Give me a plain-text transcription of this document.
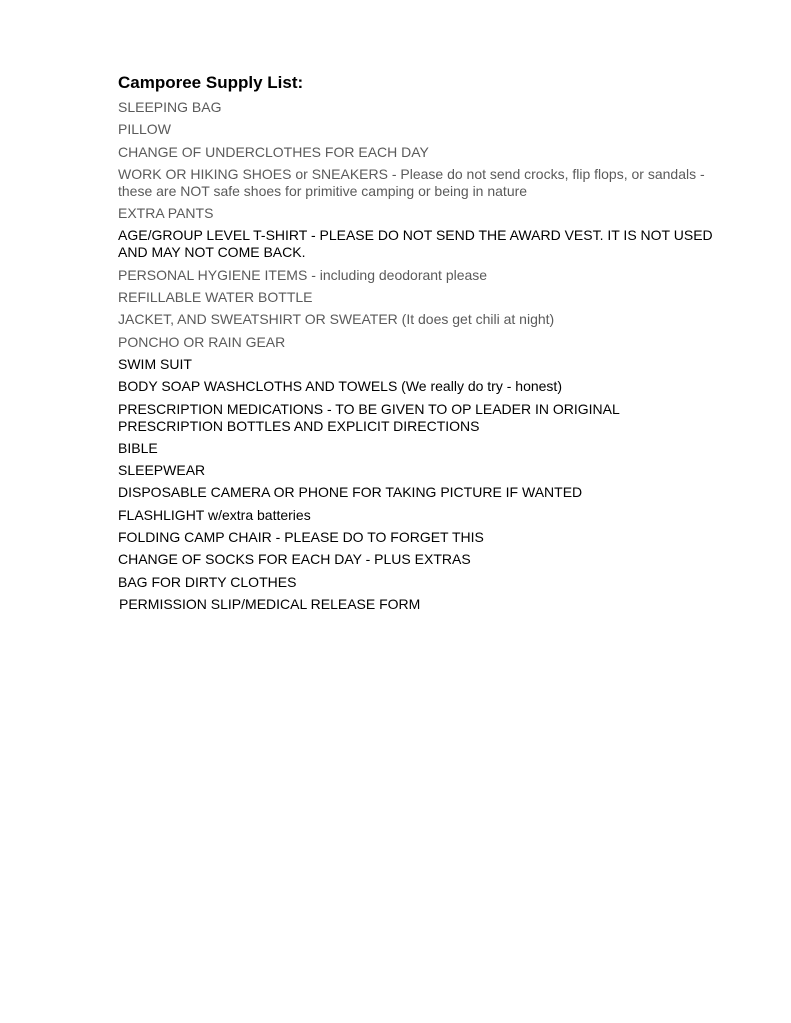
Camporee Supply List:
SLEEPING BAG
PILLOW
CHANGE OF UNDERCLOTHES FOR EACH DAY
WORK OR HIKING SHOES or SNEAKERS - Please do not send crocks, flip flops, or sandals - these are NOT safe shoes for primitive camping or being in nature
EXTRA PANTS
AGE/GROUP LEVEL T-SHIRT - PLEASE DO NOT SEND THE AWARD VEST. IT IS NOT USED AND MAY NOT COME BACK.
PERSONAL HYGIENE ITEMS - including deodorant please
REFILLABLE WATER BOTTLE
JACKET, AND SWEATSHIRT OR SWEATER (It does get chili at night)
PONCHO OR RAIN GEAR
SWIM SUIT
BODY SOAP WASHCLOTHS AND TOWELS (We really do try - honest)
PRESCRIPTION MEDICATIONS - TO BE GIVEN TO OP LEADER IN ORIGINAL PRESCRIPTION BOTTLES AND EXPLICIT DIRECTIONS
BIBLE
SLEEPWEAR
DISPOSABLE CAMERA OR PHONE FOR TAKING PICTURE IF WANTED
FLASHLIGHT w/extra batteries
FOLDING CAMP CHAIR - PLEASE DO TO FORGET THIS
CHANGE OF SOCKS FOR EACH DAY - PLUS EXTRAS
BAG FOR DIRTY CLOTHES
PERMISSION SLIP/MEDICAL RELEASE FORM
